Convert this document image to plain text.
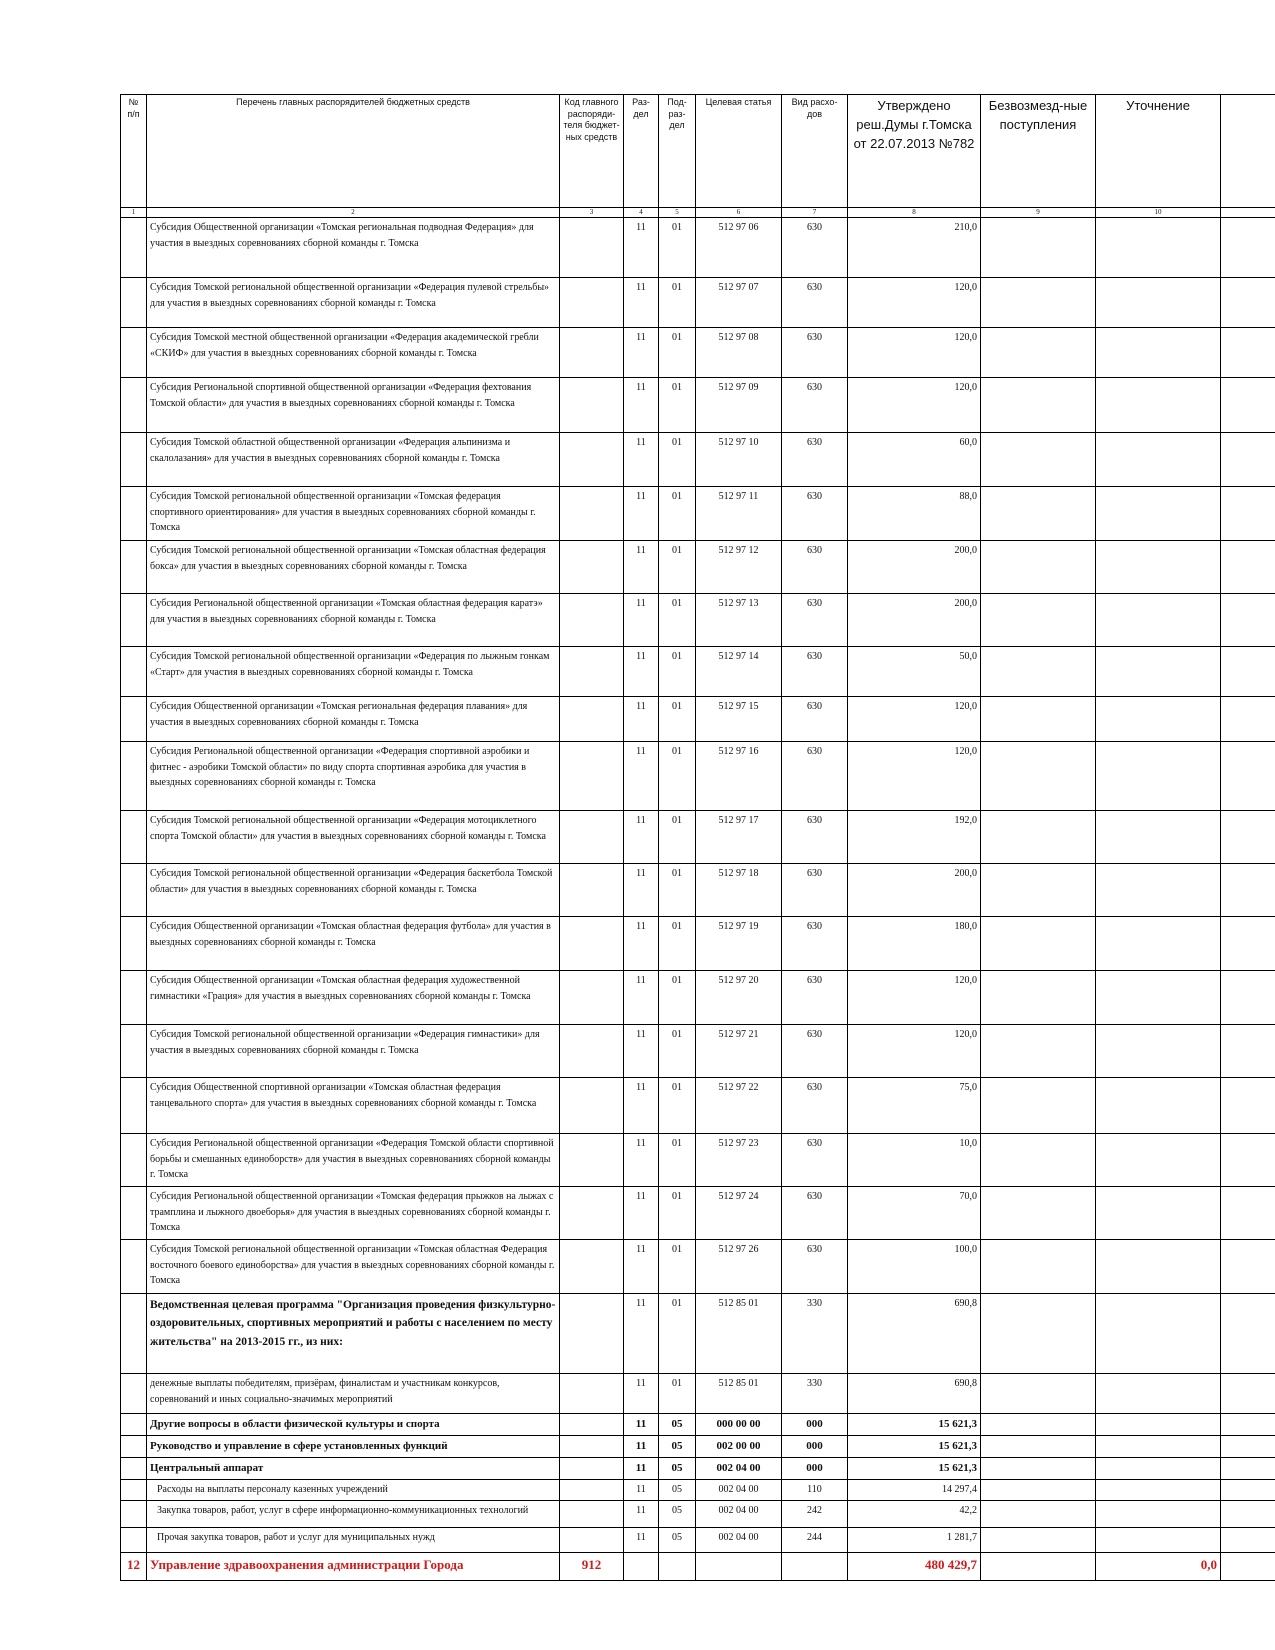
№ п/п	Перечень главных распорядителей бюджетных средств	Код главного распоряди-теля бюджет-ных средств	Раз-дел	Под-раз-дел	Целевая статья	Вид расхо-дов	Утверждено реш.Думы г.Томска от 22.07.2013 №782	Безвозмезд-ные поступления	Уточнение	
1	2	3	4	5	6	7	8	9	10	
	Субсидия Общественной организации «Томская региональная подводная Федерация» для участия в выездных соревнованиях сборной команды г. Томска		11	01	512 97 06	630	210,0			
	Субсидия Томской региональной общественной организации «Федерация пулевой стрельбы» для участия в выездных соревнованиях сборной команды г. Томска		11	01	512 97 07	630	120,0			
	Субсидия Томской местной общественной организации «Федерация академической гребли «СКИФ» для участия в выездных соревнованиях сборной команды г. Томска		11	01	512 97 08	630	120,0			
	Субсидия Региональной спортивной общественной организации «Федерация фехтования Томской области» для участия в выездных соревнованиях сборной команды г. Томска		11	01	512 97 09	630	120,0			
	Субсидия Томской областной общественной организации «Федерация альпинизма и скалолазания» для участия в выездных соревнованиях сборной команды г. Томска		11	01	512 97 10	630	60,0			
	Субсидия Томской региональной общественной организации «Томская федерация спортивного ориентирования» для участия в выездных соревнованиях сборной команды г. Томска		11	01	512 97 11	630	88,0			
	Субсидия Томской региональной общественной организации «Томская областная федерация бокса» для участия в выездных соревнованиях сборной команды г. Томска		11	01	512 97 12	630	200,0			
	Субсидия Региональной общественной организации «Томская областная федерация каратэ» для участия в выездных соревнованиях сборной команды г. Томска		11	01	512 97 13	630	200,0			
	Субсидия Томской региональной общественной организации «Федерация по лыжным гонкам «Старт» для участия в выездных соревнованиях сборной команды г. Томска		11	01	512 97 14	630	50,0			
	Субсидия Общественной организации «Томская региональная федерация плавания» для участия в выездных соревнованиях сборной команды г. Томска		11	01	512 97 15	630	120,0			
	Субсидия Региональной общественной организации «Федерация спортивной аэробики и фитнес - аэробики Томской области» по виду спорта спортивная аэробика для участия в выездных соревнованиях сборной команды г. Томска		11	01	512 97 16	630	120,0			
	Субсидия Томской региональной общественной организации «Федерация мотоциклетного спорта Томской области» для участия в выездных соревнованиях сборной команды г. Томска		11	01	512 97 17	630	192,0			
	Субсидия Томской региональной общественной организации «Федерация баскетбола Томской области» для участия в выездных соревнованиях сборной команды г. Томска		11	01	512 97 18	630	200,0			
	Субсидия Общественной организации «Томская областная федерация футбола» для участия в выездных соревнованиях сборной команды г. Томска		11	01	512 97 19	630	180,0			
	Субсидия Общественной организации «Томская областная федерация художественной гимнастики «Грация» для участия в выездных соревнованиях сборной команды г. Томска		11	01	512 97 20	630	120,0			
	Субсидия Томской региональной общественной организации «Федерация гимнастики» для участия в выездных соревнованиях сборной команды г. Томска		11	01	512 97 21	630	120,0			
	Субсидия Общественной спортивной организации «Томская областная федерация танцевального спорта» для участия в выездных соревнованиях сборной команды г. Томска		11	01	512 97 22	630	75,0			
	Субсидия Региональной общественной организации «Федерация Томской области спортивной борьбы и смешанных единоборств» для участия в выездных соревнованиях сборной команды г. Томска		11	01	512 97 23	630	10,0			
	Субсидия Региональной общественной организации «Томская федерация прыжков на лыжах с трамплина и лыжного двоеборья» для участия в выездных соревнованиях сборной команды г. Томска		11	01	512 97 24	630	70,0			
	Субсидия Томской региональной общественной организации «Томская областная Федерация восточного боевого единоборства» для участия в выездных соревнованиях сборной команды г. Томска		11	01	512 97 26	630	100,0			
	Ведомственная целевая программа "Организация проведения физкультурно-оздоровительных, спортивных мероприятий и работы с населением по месту жительства" на 2013-2015 гг., из них:		11	01	512 85 01	330	690,8			
	денежные выплаты победителям, призёрам, финалистам и участникам конкурсов, соревнований и иных социально-значимых мероприятий		11	01	512 85 01	330	690,8			
	Другие вопросы в области физической культуры и спорта		11	05	000 00 00	000	15 621,3			
	Руководство и управление в сфере установленных функций		11	05	002 00 00	000	15 621,3			
	Центральный аппарат		11	05	002 04 00	000	15 621,3			
	Расходы на выплаты персоналу казенных учреждений		11	05	002 04 00	110	14 297,4			
	Закупка товаров, работ, услуг в сфере информационно-коммуникационных технологий		11	05	002 04 00	242	42,2			
	Прочая закупка товаров, работ и услуг для муниципальных нужд		11	05	002 04 00	244	1 281,7			
12	Управление здравоохранения администрации Города	912					480 429,7		0,0	
